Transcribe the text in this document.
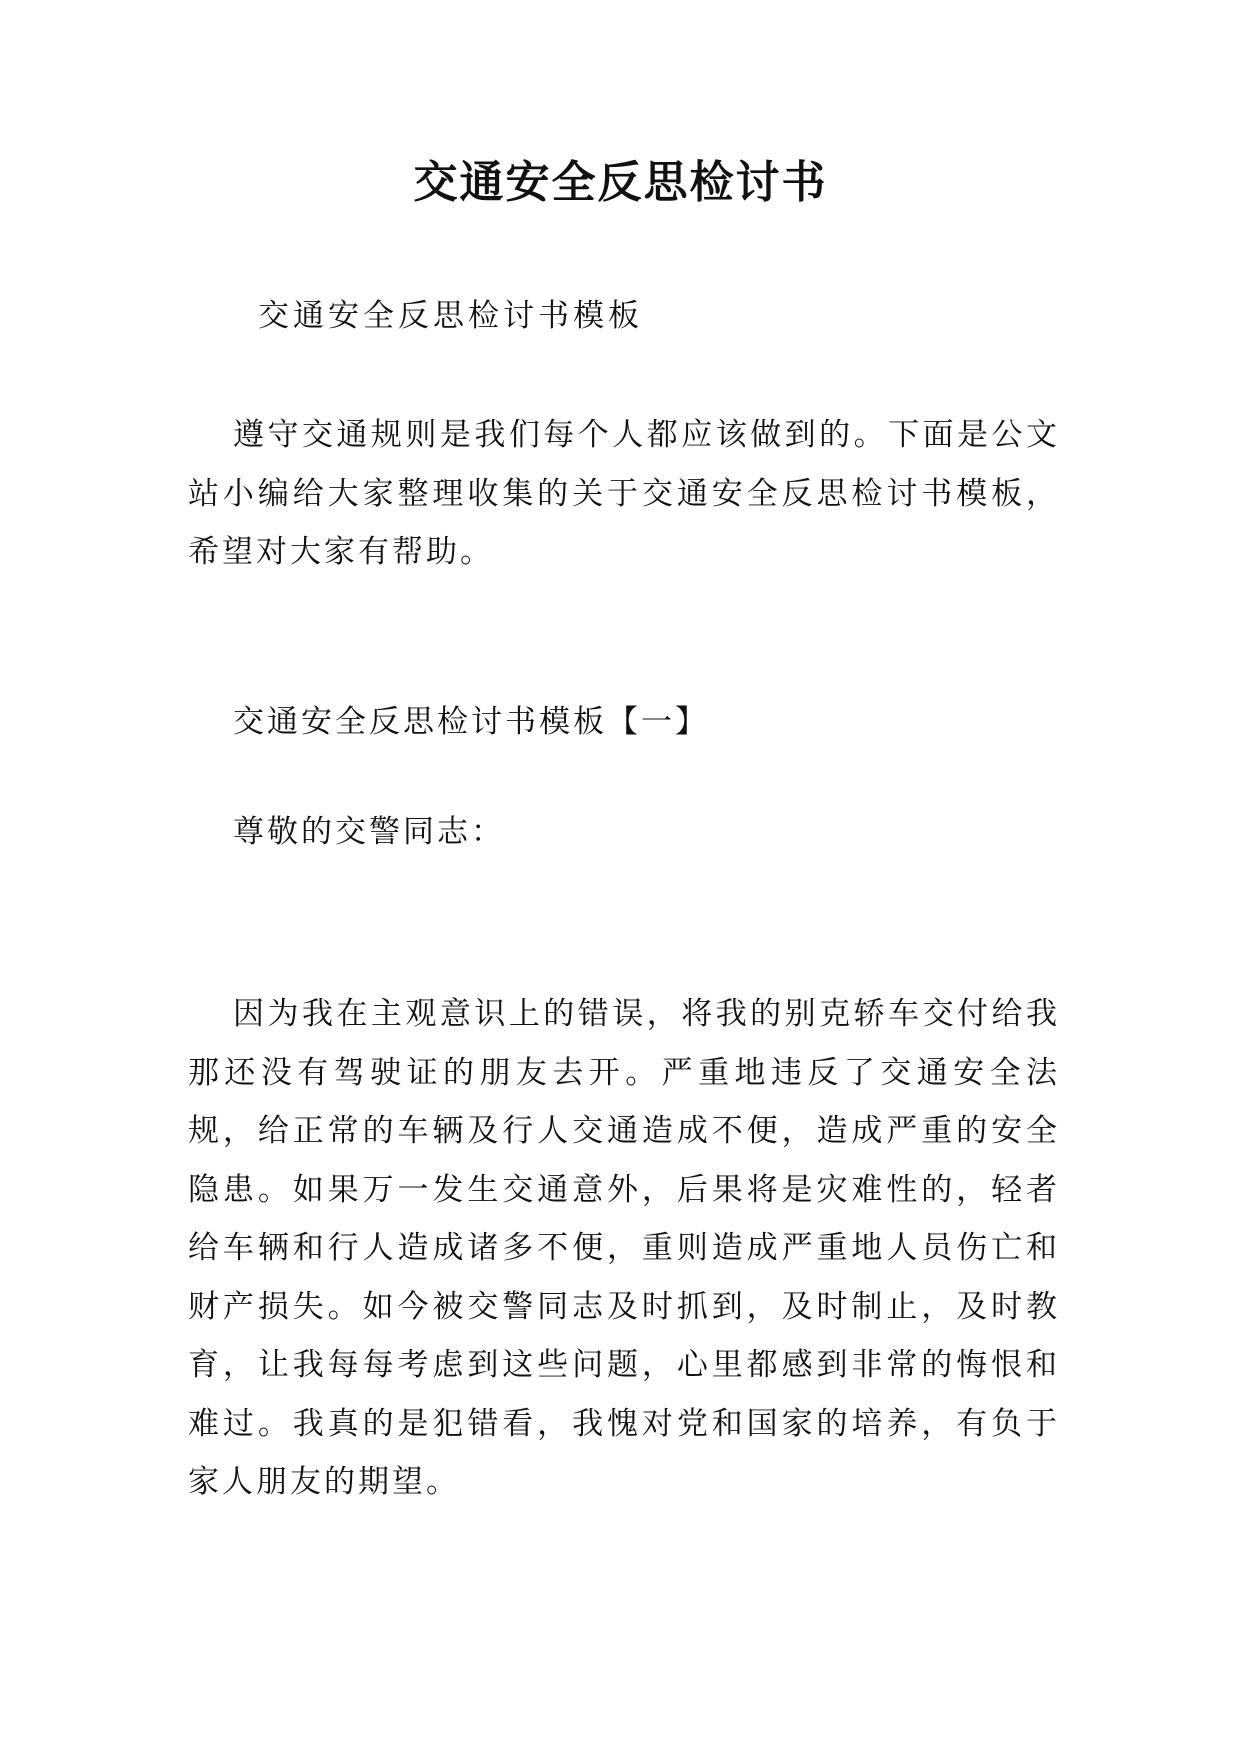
交通安全反思检讨书
交通安全反思检讨书模板
遵守交通规则是我们每个人都应该做到的。下面是公文站小编给大家整理收集的关于交通安全反思检讨书模板，希望对大家有帮助。
交通安全反思检讨书模板【一】
尊敬的交警同志：
因为我在主观意识上的错误，将我的别克轿车交付给我那还没有驾驶证的朋友去开。严重地违反了交通安全法规，给正常的车辆及行人交通造成不便，造成严重的安全隐患。如果万一发生交通意外，后果将是灾难性的，轻者给车辆和行人造成诸多不便，重则造成严重地人员伤亡和财产损失。如今被交警同志及时抓到，及时制止，及时教育，让我每每考虑到这些问题，心里都感到非常的悔恨和难过。我真的是犯错看，我愧对党和国家的培养，有负于家人朋友的期望。
